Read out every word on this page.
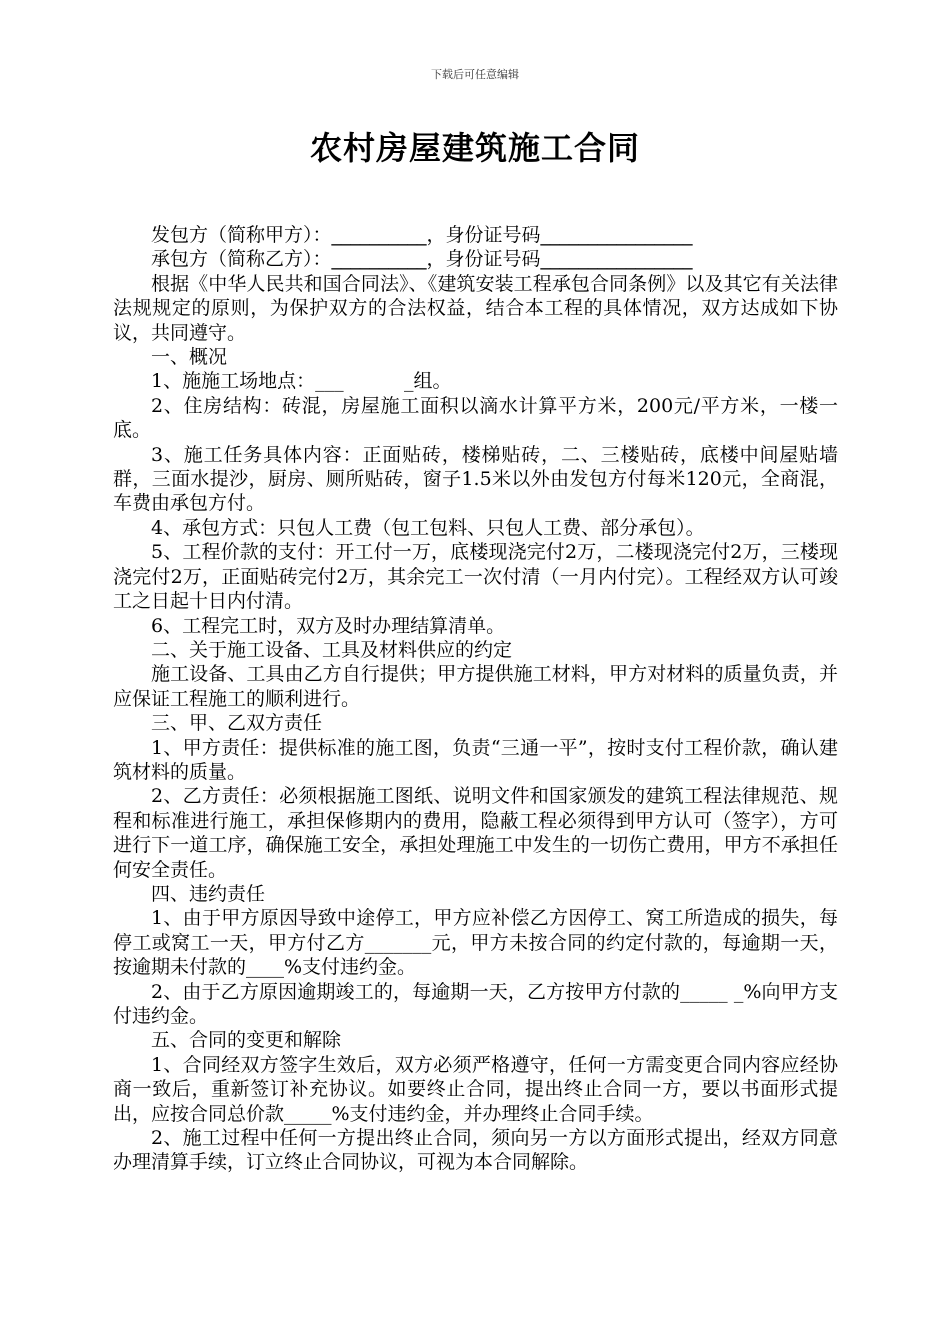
下载后可任意编辑
农村房屋建筑施工合同

发包方（简称甲方）：__________，身份证号码________________

承包方（简称乙方）：__________，身份证号码________________

根据《中华人民共和国合同法》、《建筑安装工程承包合同条例》以及其它有关法律法规规定的原则，为保护双方的合法权益，结合本工程的具体情况，双方达成如下协议，共同遵守。

一、概况

1、施施工场地点：___          _组。

2、住房结构：砖混，房屋施工面积以滴水计算平方米，200元/平方米，一楼一底。

3、施工任务具体内容：正面贴砖，楼梯贴砖，二、三楼贴砖，底楼中间屋贴墙群，三面水提沙，厨房、厕所贴砖，窗子1.5米以外由发包方付每米120元，全商混，车费由承包方付。

4、承包方式：只包人工费（包工包料、只包人工费、部分承包）。

5、工程价款的支付：开工付一万，底楼现浇完付2万，二楼现浇完付2万，三楼现浇完付2万，正面贴砖完付2万，其余完工一次付清（一月内付完）。工程经双方认可竣工之日起十日内付清。

6、工程完工时，双方及时办理结算清单。

二、关于施工设备、工具及材料供应的约定

施工设备、工具由乙方自行提供；甲方提供施工材料，甲方对材料的质量负责，并应保证工程施工的顺利进行。

三、甲、乙双方责任

1、甲方责任：提供标准的施工图，负责“三通一平”，按时支付工程价款，确认建筑材料的质量。

2、乙方责任：必须根据施工图纸、说明文件和国家颁发的建筑工程法律规范、规程和标准进行施工，承担保修期内的费用，隐蔽工程必须得到甲方认可（签字），方可进行下一道工序，确保施工安全，承担处理施工中发生的一切伤亡费用，甲方不承担任何安全责任。

四、违约责任

1、由于甲方原因导致中途停工，甲方应补偿乙方因停工、窝工所造成的损失，每停工或窝工一天，甲方付乙方_______元，甲方未按合同的约定付款的，每逾期一天，按逾期未付款的____%支付违约金。

2、由于乙方原因逾期竣工的，每逾期一天，乙方按甲方付款的_____ _%向甲方支付违约金。

五、合同的变更和解除

1、合同经双方签字生效后，双方必须严格遵守，任何一方需变更合同内容应经协商一致后，重新签订补充协议。如要终止合同，提出终止合同一方，要以书面形式提出，应按合同总价款_____%支付违约金，并办理终止合同手续。

2、施工过程中任何一方提出终止合同，须向另一方以方面形式提出，经双方同意办理清算手续，订立终止合同协议，可视为本合同解除。
